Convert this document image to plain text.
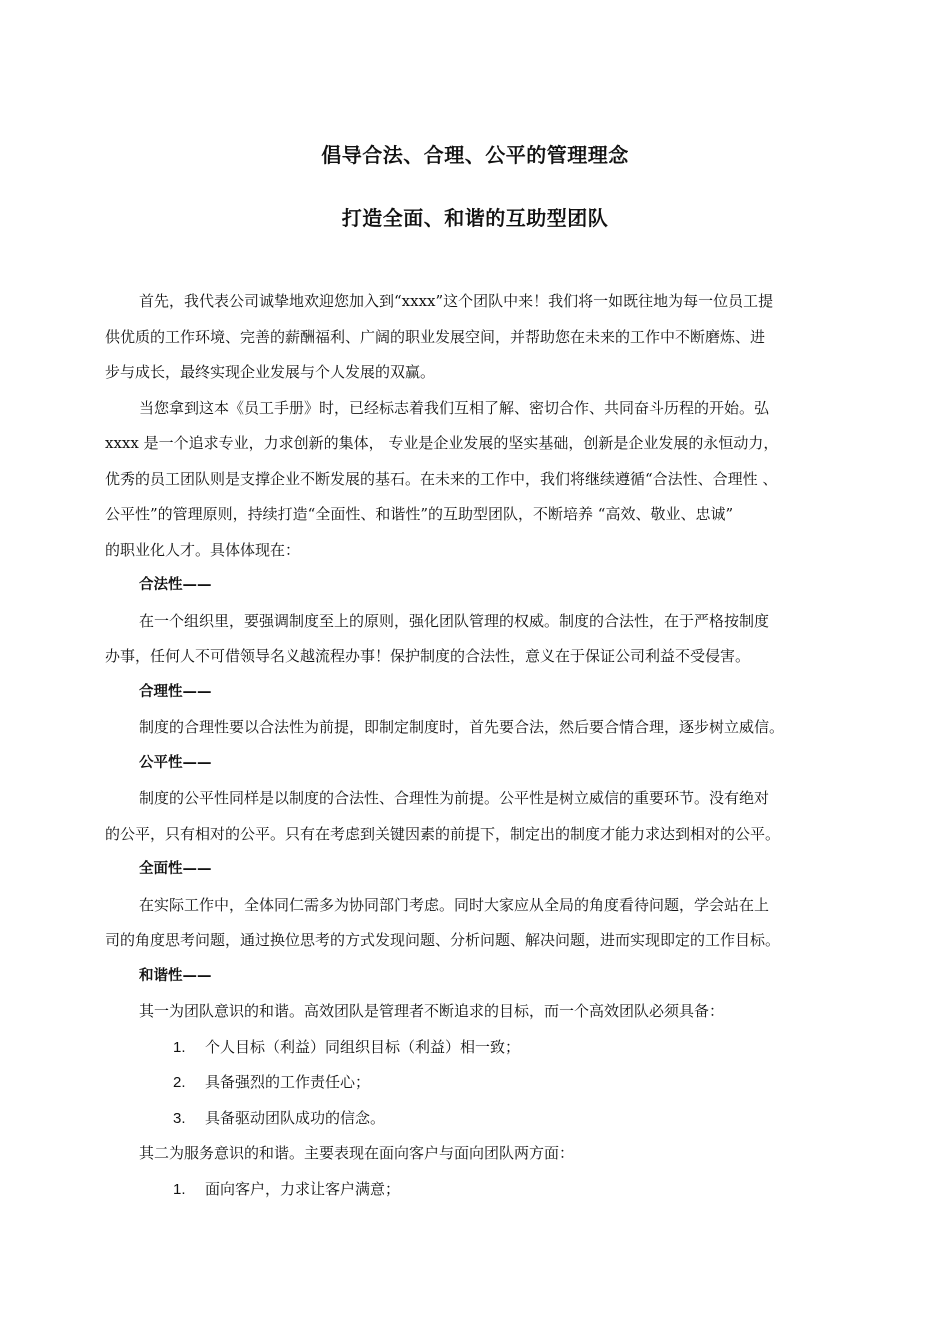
倡导合法、合理、公平的管理理念
打造全面、和谐的互助型团队

首先，我代表公司诚挚地欢迎您加入到“xxxx”这个团队中来！我们将一如既往地为每一位员工提
供优质的工作环境、完善的薪酬福利、广阔的职业发展空间，并帮助您在未来的工作中不断磨炼、进
步与成长，最终实现企业发展与个人发展的双赢。

当您拿到这本《员工手册》时，已经标志着我们互相了解、密切合作、共同奋斗历程的开始。弘
xxxx 是一个追求专业，力求创新的集体， 专业是企业发展的坚实基础，创新是企业发展的永恒动力，
优秀的员工团队则是支撑企业不断发展的基石。在未来的工作中，我们将继续遵循“合法性、合理性 、
公平性”的管理原则，持续打造“全面性、和谐性”的互助型团队，不断培养 “高效、敬业、忠诚”
的职业化人才。具体体现在：

合法性——

在一个组织里，要强调制度至上的原则，强化团队管理的权威。制度的合法性，在于严格按制度
办事，任何人不可借领导名义越流程办事！保护制度的合法性，意义在于保证公司利益不受侵害。

合理性——

制度的合理性要以合法性为前提，即制定制度时，首先要合法，然后要合情合理，逐步树立威信。

公平性——

制度的公平性同样是以制度的合法性、合理性为前提。公平性是树立威信的重要环节。没有绝对
的公平，只有相对的公平。只有在考虑到关键因素的前提下，制定出的制度才能力求达到相对的公平。

全面性——

在实际工作中，全体同仁需多为协同部门考虑。同时大家应从全局的角度看待问题，学会站在上
司的角度思考问题，通过换位思考的方式发现问题、分析问题、解决问题，进而实现即定的工作目标。

和谐性——

其一为团队意识的和谐。高效团队是管理者不断追求的目标，而一个高效团队必须具备：

1. 个人目标（利益）同组织目标（利益）相一致；
2. 具备强烈的工作责任心；
3. 具备驱动团队成功的信念。

其二为服务意识的和谐。主要表现在面向客户与面向团队两方面：

1. 面向客户，力求让客户满意；
